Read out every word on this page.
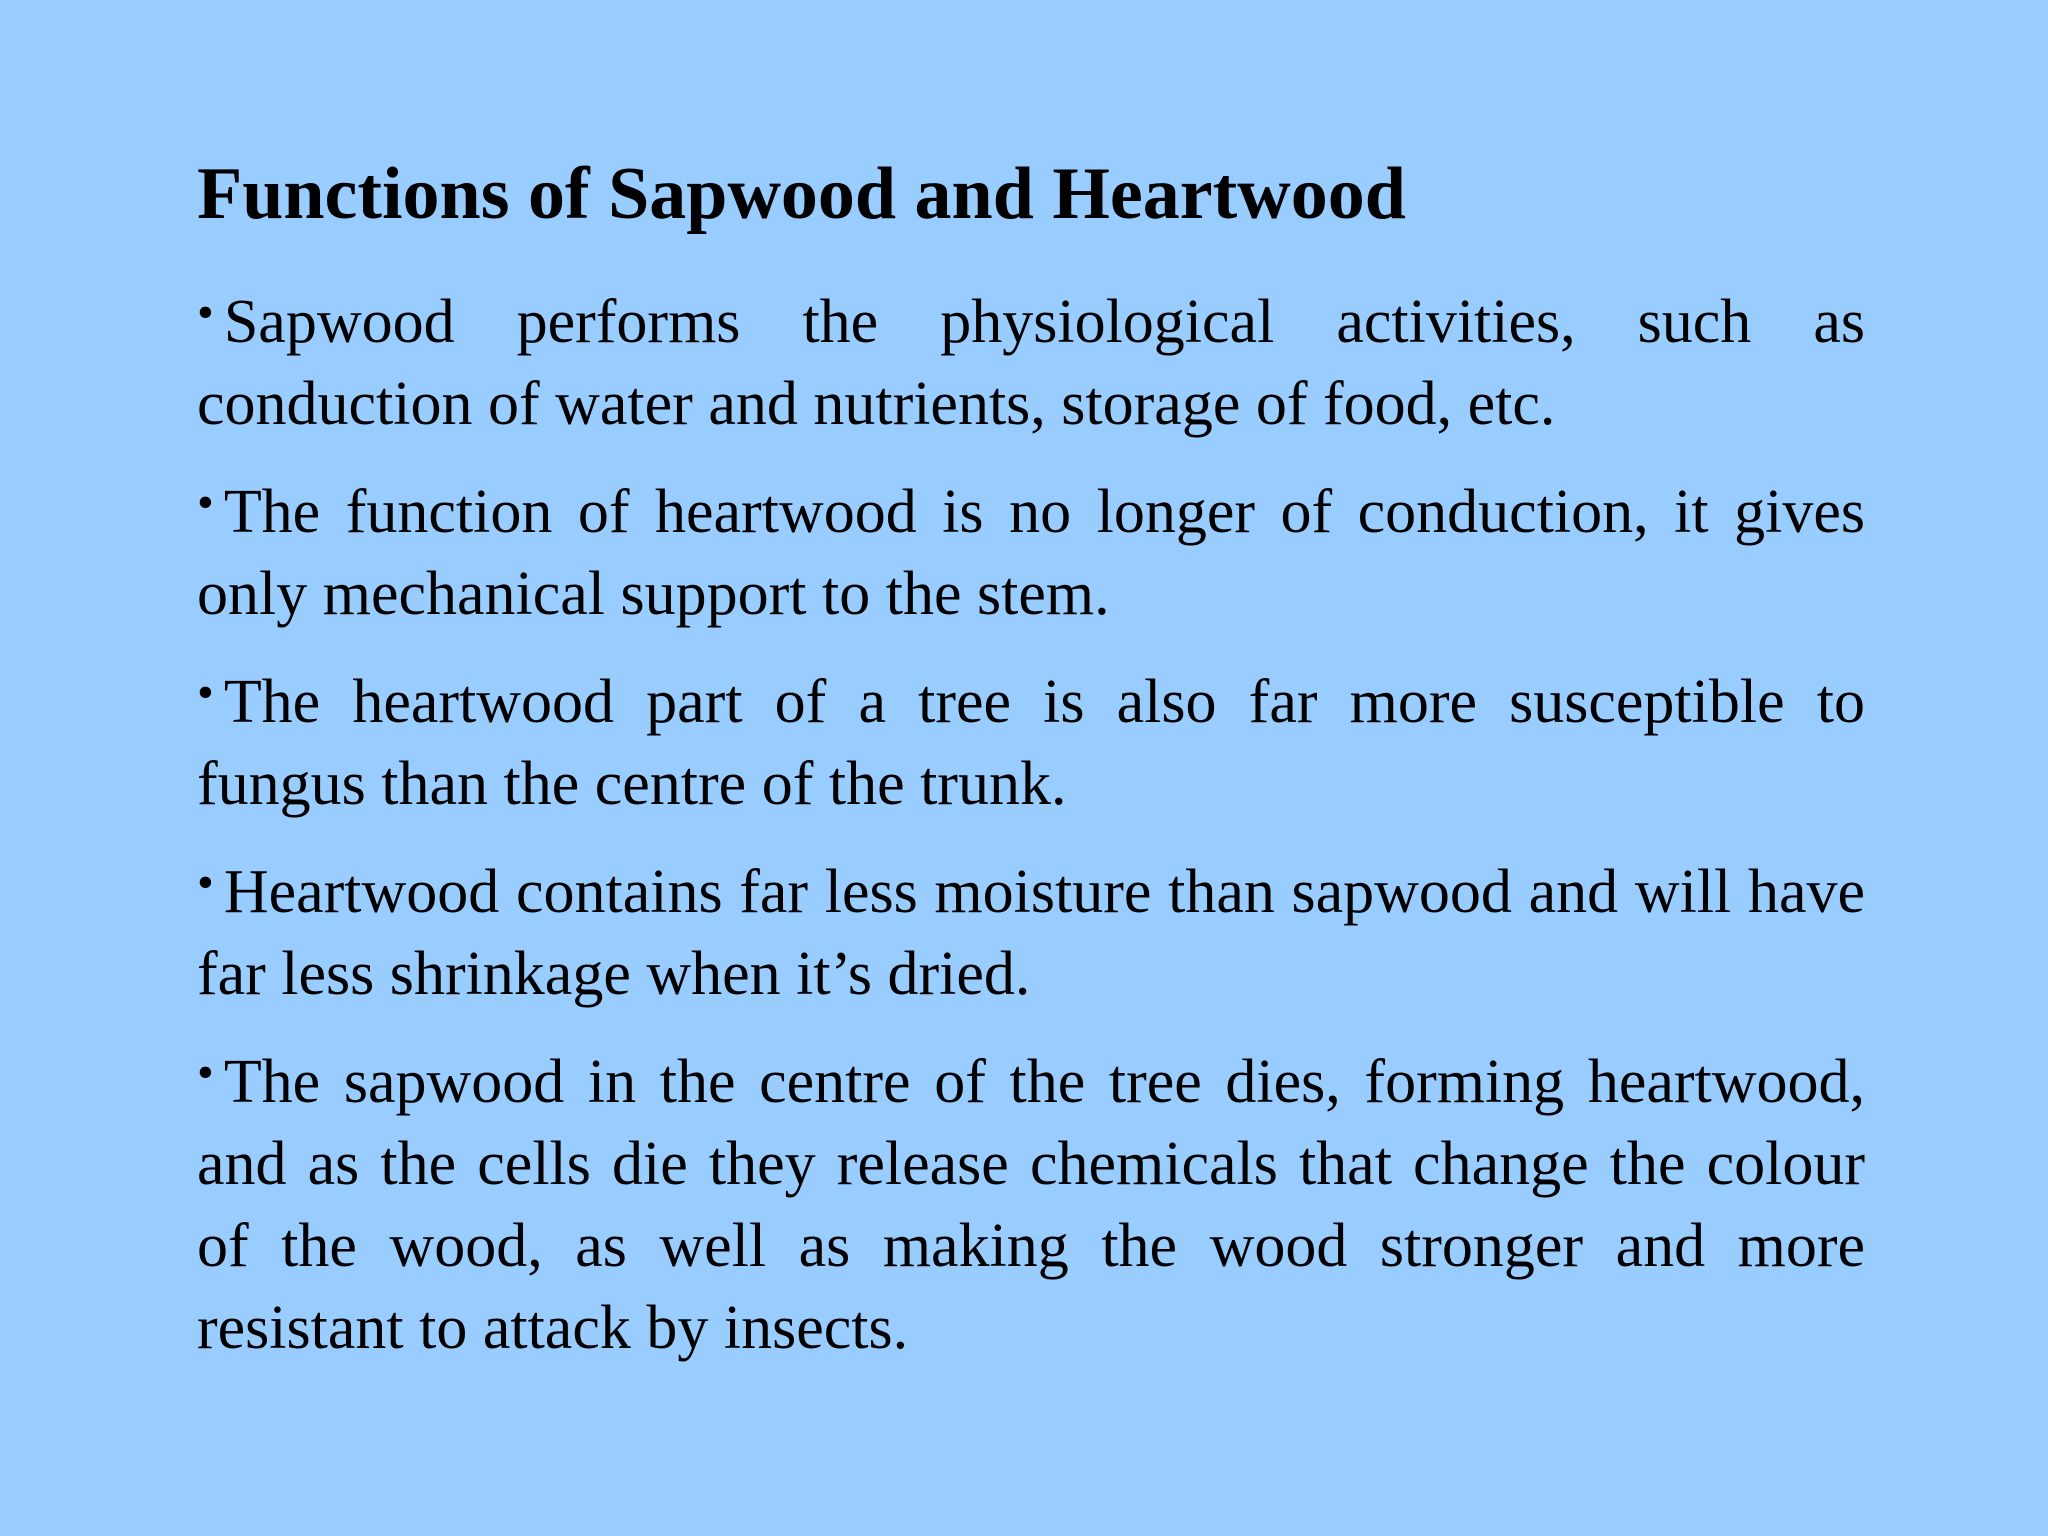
Functions of Sapwood and Heartwood
• Sapwood performs the physiological activities, such as conduction of water and nutrients, storage of food, etc.
• The function of heartwood is no longer of conduction, it gives only mechanical support to the stem.
• The heartwood part of a tree is also far more susceptible to fungus than the centre of the trunk.
• Heartwood contains far less moisture than sapwood and will have far less shrinkage when it’s dried.
• The sapwood in the centre of the tree dies, forming heartwood, and as the cells die they release chemicals that change the colour of the wood, as well as making the wood stronger and more resistant to attack by insects.
